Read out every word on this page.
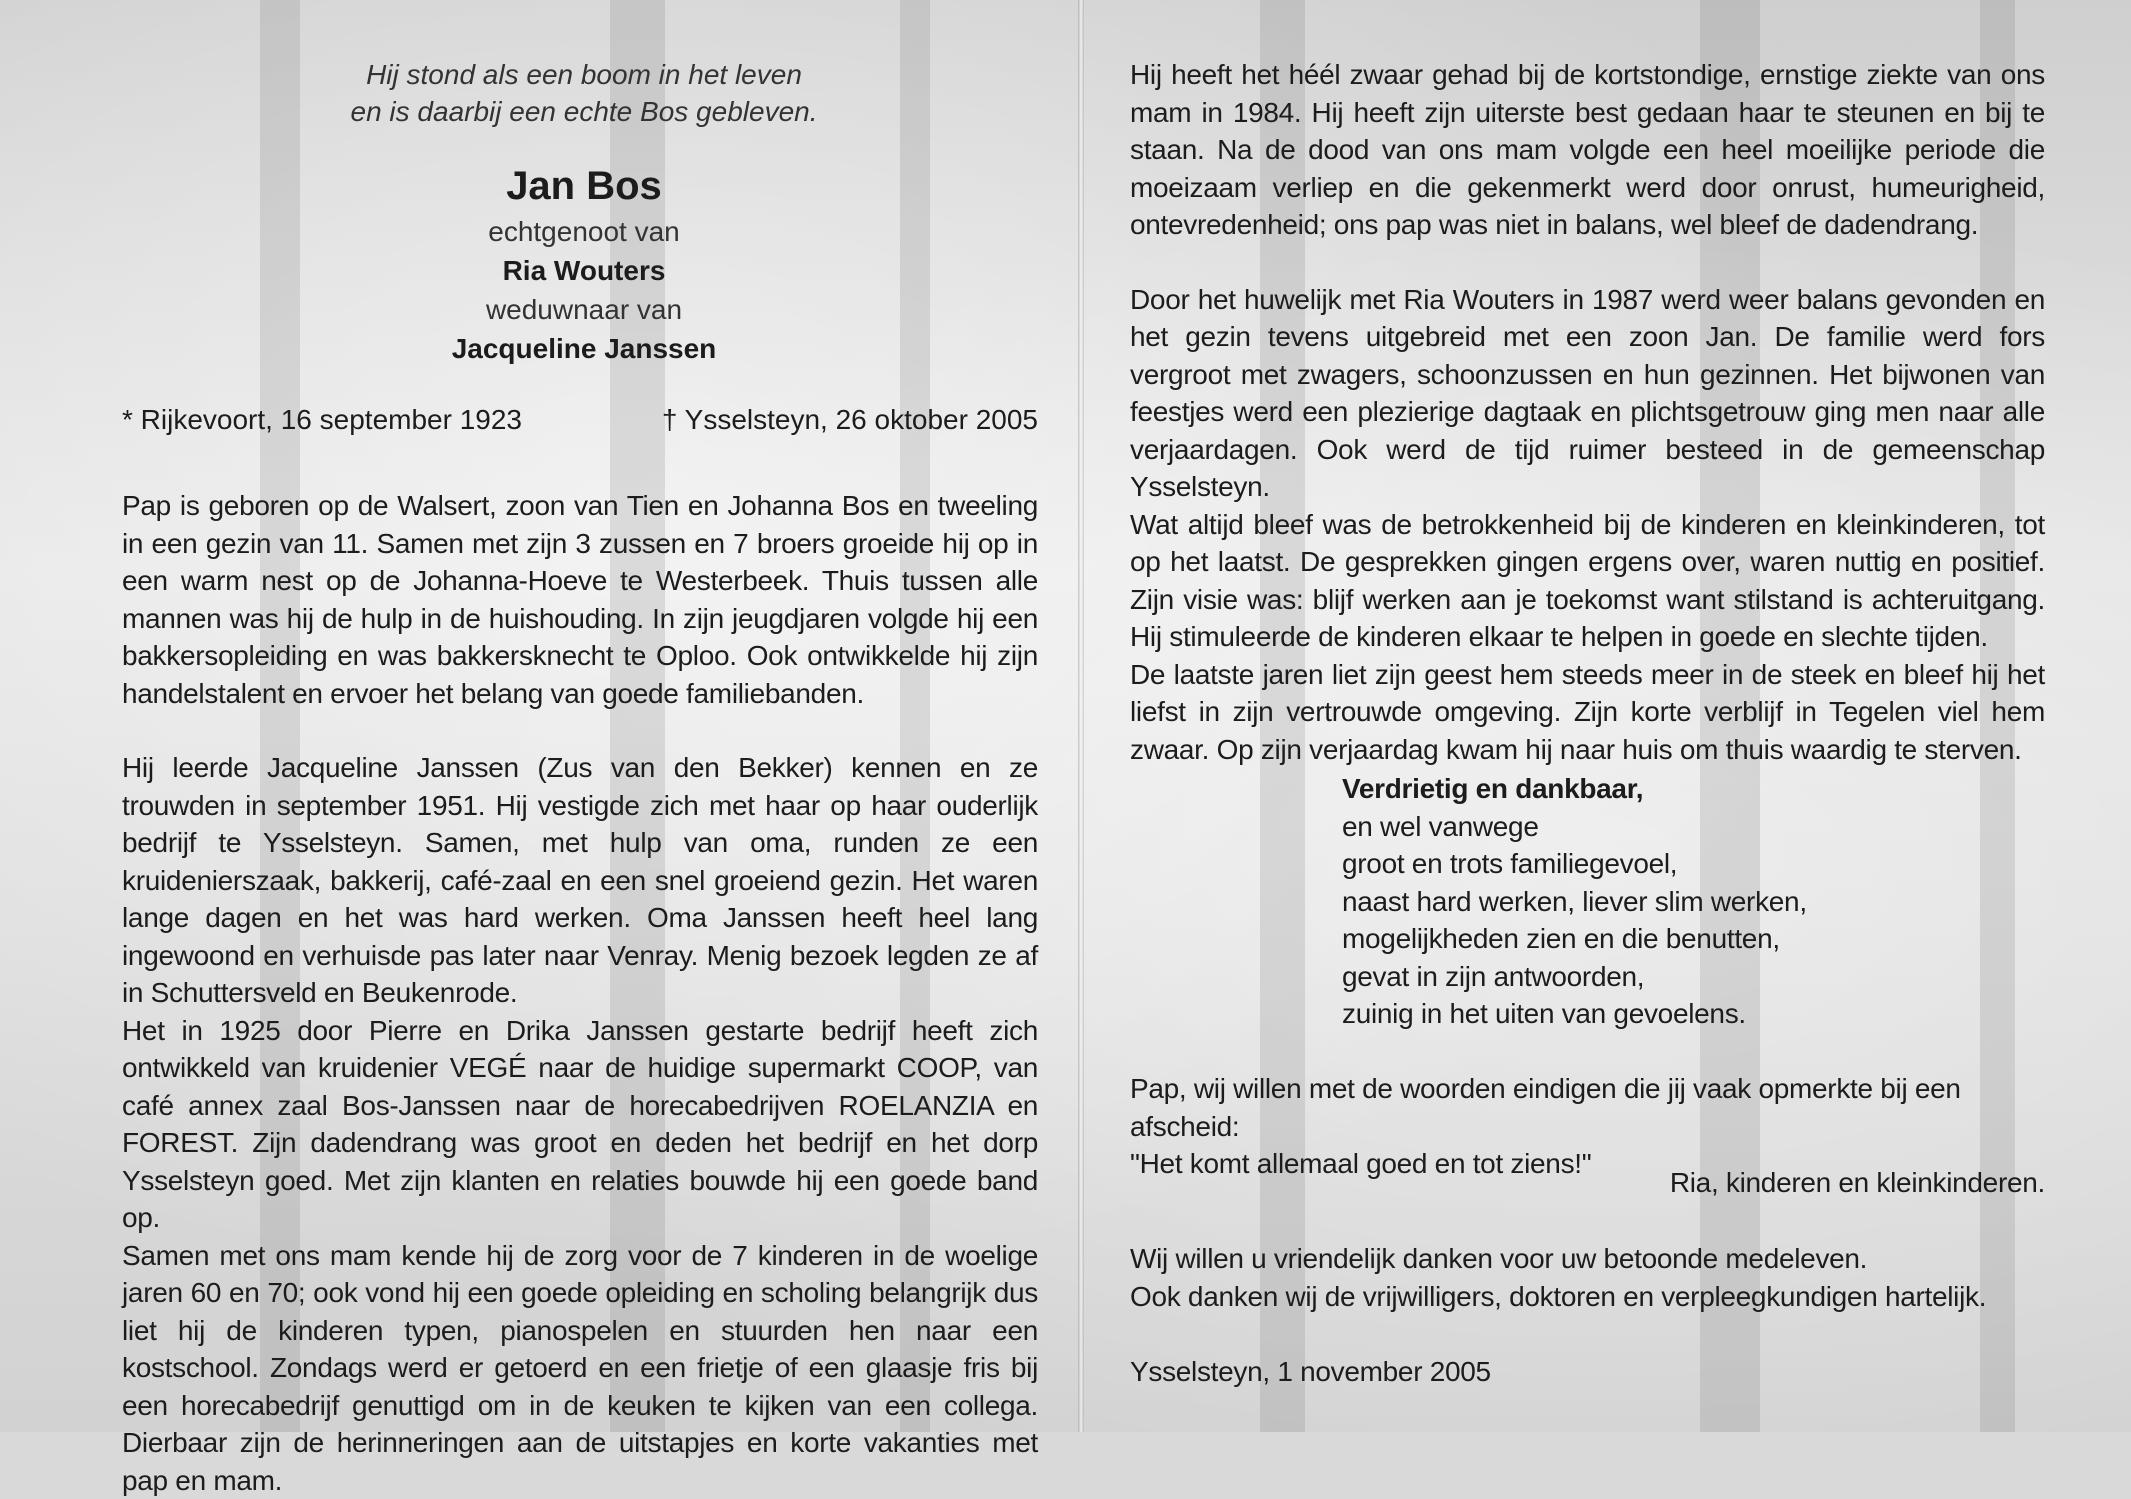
Hij stond als een boom in het leven
en is daarbij een echte Bos gebleven.
Jan Bos
echtgenoot van
Ria Wouters
weduwnaar van
Jacqueline Janssen
* Rijkevoort, 16 september 1923	† Ysselsteyn, 26 oktober 2005

Pap is geboren op de Walsert, zoon van Tien en Johanna Bos en tweeling in een gezin van 11. Samen met zijn 3 zussen en 7 broers groeide hij op in een warm nest op de Johanna-Hoeve te Westerbeek. Thuis tussen alle mannen was hij de hulp in de huishouding. In zijn jeugdjaren volgde hij een bakkersopleiding en was bakkersknecht te Oploo. Ook ontwikkelde hij zijn handelstalent en ervoer het belang van goede familiebanden.

Hij leerde Jacqueline Janssen (Zus van den Bekker) kennen en ze trouwden in september 1951. Hij vestigde zich met haar op haar ouderlijk bedrijf te Ysselsteyn. Samen, met hulp van oma, runden ze een kruidenierszaak, bakkerij, café-zaal en een snel groeiend gezin. Het waren lange dagen en het was hard werken. Oma Janssen heeft heel lang ingewoond en verhuisde pas later naar Venray. Menig bezoek legden ze af in Schuttersveld en Beukenrode.

Het in 1925 door Pierre en Drika Janssen gestarte bedrijf heeft zich ontwikkeld van kruidenier VEGÉ naar de huidige supermarkt COOP, van café annex zaal Bos-Janssen naar de horecabedrijven ROELANZIA en FOREST. Zijn dadendrang was groot en deden het bedrijf en het dorp Ysselsteyn goed. Met zijn klanten en relaties bouwde hij een goede band op.

Samen met ons mam kende hij de zorg voor de 7 kinderen in de woelige jaren 60 en 70; ook vond hij een goede opleiding en scholing belangrijk dus liet hij de kinderen typen, pianospelen en stuurden hen naar een kostschool. Zondags werd er getoerd en een frietje of een glaasje fris bij een horecabedrijf genuttigd om in de keuken te kijken van een collega. Dierbaar zijn de herinneringen aan de uitstapjes en korte vakanties met pap en mam.

Hij heeft het héél zwaar gehad bij de kortstondige, ernstige ziekte van ons mam in 1984. Hij heeft zijn uiterste best gedaan haar te steunen en bij te staan. Na de dood van ons mam volgde een heel moeilijke periode die moeizaam verliep en die gekenmerkt werd door onrust, humeurigheid, ontevredenheid; ons pap was niet in balans, wel bleef de dadendrang.

Door het huwelijk met Ria Wouters in 1987 werd weer balans gevonden en het gezin tevens uitgebreid met een zoon Jan. De familie werd fors vergroot met zwagers, schoonzussen en hun gezinnen. Het bijwonen van feestjes werd een plezierige dagtaak en plichtsgetrouw ging men naar alle verjaardagen. Ook werd de tijd ruimer besteed in de gemeenschap Ysselsteyn.

Wat altijd bleef was de betrokkenheid bij de kinderen en kleinkinderen, tot op het laatst. De gesprekken gingen ergens over, waren nuttig en positief. Zijn visie was: blijf werken aan je toekomst want stilstand is achteruitgang. Hij stimuleerde de kinderen elkaar te helpen in goede en slechte tijden.

De laatste jaren liet zijn geest hem steeds meer in de steek en bleef hij het liefst in zijn vertrouwde omgeving. Zijn korte verblijf in Tegelen viel hem zwaar. Op zijn verjaardag kwam hij naar huis om thuis waardig te sterven.

Verdrietig en dankbaar,
en wel vanwege
groot en trots familiegevoel,
naast hard werken, liever slim werken,
mogelijkheden zien en die benutten,
gevat in zijn antwoorden,
zuinig in het uiten van gevoelens.
Pap, wij willen met de woorden eindigen die jij vaak opmerkte bij een afscheid:
"Het komt allemaal goed en tot ziens!"
Ria, kinderen en kleinkinderen.
Wij willen u vriendelijk danken voor uw betoonde medeleven.
Ook danken wij de vrijwilligers, doktoren en verpleegkundigen hartelijk.
Ysselsteyn, 1 november 2005
